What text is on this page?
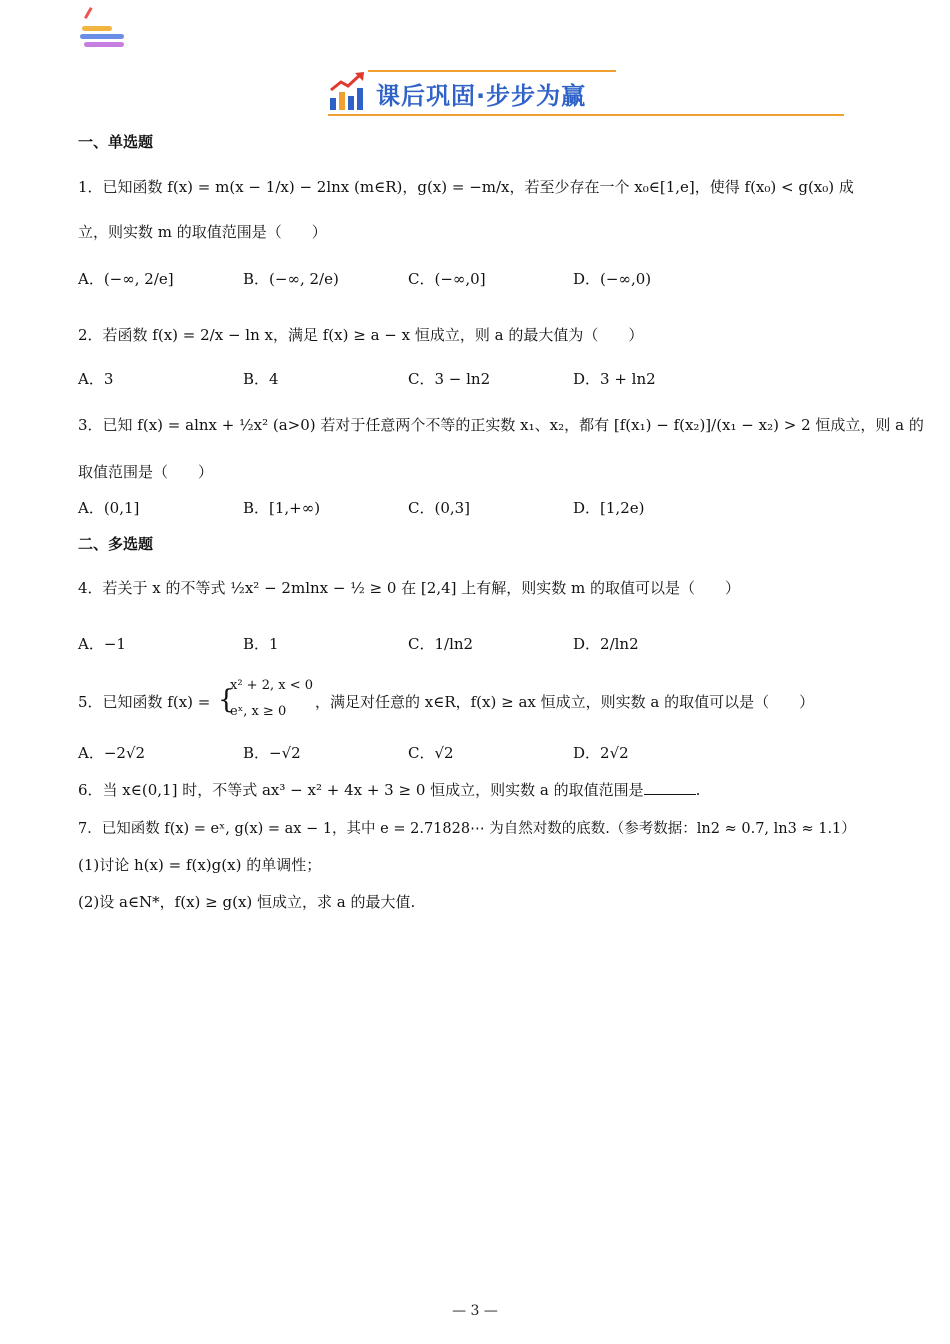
课后巩固·步步为赢
一、单选题
1．已知函数 f(x) = m(x − 1/x) − 2lnx (m∈R)，g(x) = −m/x，若至少存在一个 x₀∈[1,e]，使得 f(x₀) < g(x₀) 成
立，则实数 m 的取值范围是（　　）
A．(−∞, 2/e]	B．(−∞, 2/e)	C．(−∞,0]	D．(−∞,0)
2．若函数 f(x) = 2/x − ln x，满足 f(x) ≥ a − x 恒成立，则 a 的最大值为（　　）
A．3	B．4	C．3 − ln2	D．3 + ln2
3．已知 f(x) = alnx + ½x² (a>0) 若对于任意两个不等的正实数 x₁、x₂，都有 [f(x₁) − f(x₂)]/(x₁ − x₂) > 2 恒成立，则 a 的
取值范围是（　　）
A．(0,1]	B．[1,+∞)	C．(0,3]	D．[1,2e)
二、多选题
4．若关于 x 的不等式 ½x² − 2mlnx − ½ ≥ 0 在 [2,4] 上有解，则实数 m 的取值可以是（　　）
A．−1	B．1	C．1/ln2	D．2/ln2
5．已知函数 f(x) = {
x² + 2, x < 0
eˣ, x ≥ 0
，满足对任意的 x∈R，f(x) ≥ ax 恒成立，则实数 a 的取值可以是（　　）
A．−2√2	B．−√2	C．√2	D．2√2
6．当 x∈(0,1] 时，不等式 ax³ − x² + 4x + 3 ≥ 0 恒成立，则实数 a 的取值范围是	.
7．已知函数 f(x) = eˣ, g(x) = ax − 1，其中 e = 2.71828⋯ 为自然对数的底数.（参考数据：ln2 ≈ 0.7, ln3 ≈ 1.1）
(1)讨论 h(x) = f(x)g(x) 的单调性；
(2)设 a∈N*，f(x) ≥ g(x) 恒成立，求 a 的最大值.
— 3 —
